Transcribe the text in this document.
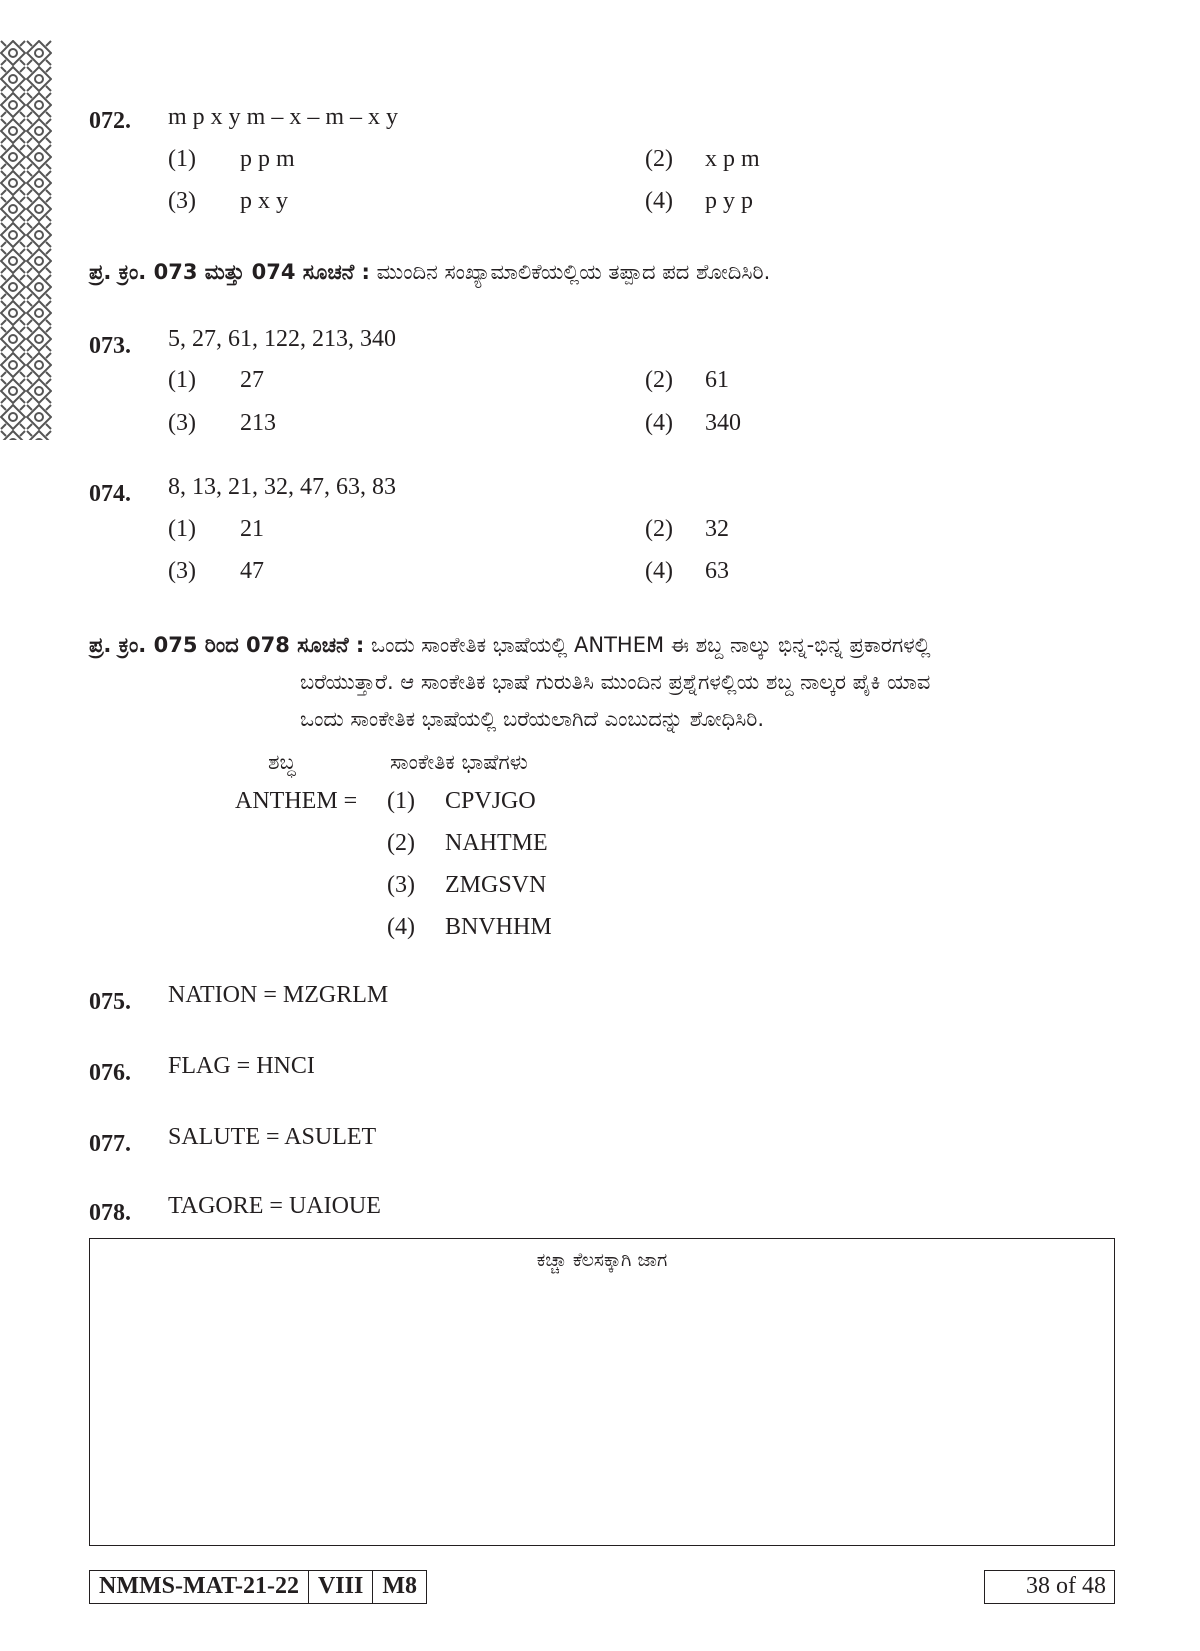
072. m p x y m – x – m – x y
(1) p p m	(2) x p m
(3) p x y	(4) p y p
ಪ್ರ. ಕ್ರಂ. 073 ಮತ್ತು 074 ಸೂಚನೆ : ಮುಂದಿನ ಸಂಖ್ಯಾಮಾಲಿಕೆಯಲ್ಲಿಯ ತಪ್ಪಾದ ಪದ ಶೋದಿಸಿರಿ.
073. 5, 27, 61, 122, 213, 340
(1) 27	(2) 61
(3) 213	(4) 340
074. 8, 13, 21, 32, 47, 63, 83
(1) 21	(2) 32
(3) 47	(4) 63
ಪ್ರ. ಕ್ರಂ. 075 ರಿಂದ 078 ಸೂಚನೆ : ಒಂದು ಸಾಂಕೇತಿಕ ಭಾಷೆಯಲ್ಲಿ ANTHEM ಈ ಶಬ್ದ ನಾಲ್ಕು ಭಿನ್ನ-ಭಿನ್ನ ಪ್ರಕಾರಗಳಲ್ಲಿ
ಬರೆಯುತ್ತಾರೆ. ಆ ಸಾಂಕೇತಿಕ ಭಾಷೆ ಗುರುತಿಸಿ ಮುಂದಿನ ಪ್ರಶ್ನೆಗಳಲ್ಲಿಯ ಶಬ್ದ ನಾಲ್ಕರ ಪೈಕಿ ಯಾವ
ಒಂದು ಸಾಂಕೇತಿಕ ಭಾಷೆಯಲ್ಲಿ ಬರೆಯಲಾಗಿದೆ ಎಂಬುದನ್ನು ಶೋಧಿಸಿರಿ.
ಶಬ್ಧ	ಸಾಂಕೇತಿಕ ಭಾಷೆಗಳು
ANTHEM = (1) CPVJGO
(2) NAHTME
(3) ZMGSVN
(4) BNVHHM
075. NATION = MZGRLM
076. FLAG = HNCI
077. SALUTE = ASULET
078. TAGORE = UAIOUE
ಕಚ್ಚಾ ಕೆಲಸಕ್ಕಾಗಿ ಜಾಗ
NMMS-MAT-21-22 VIII M8	38 of 48
